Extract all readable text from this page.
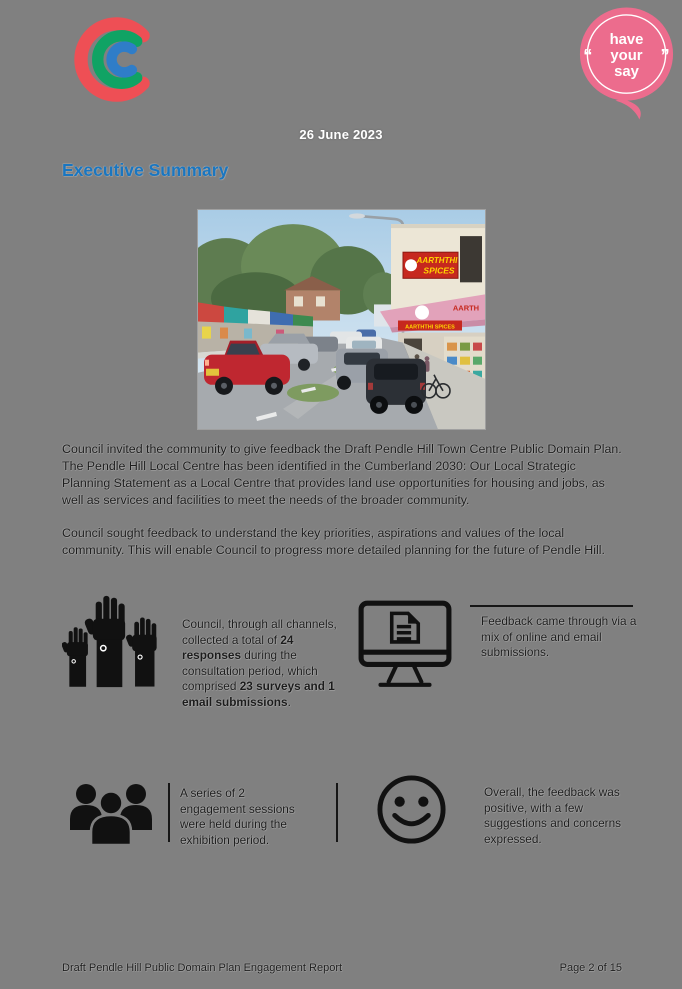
have
your
say
“	”
26 June 2023
Executive Summary
AARTHTHI
SPICES
AARTH
AARTHTHI SPICES

Council invited the community to give feedback the Draft Pendle Hill Town Centre Public Domain Plan. The Pendle Hill Local Centre has been identified in the Cumberland 2030: Our Local Strategic Planning Statement as a Local Centre that provides land use opportunities for housing and jobs, as well as services and facilities to meet the needs of the broader community.

Council sought feedback to understand the key priorities, aspirations and values of the local community. This will enable Council to progress more detailed planning for the future of Pendle Hill.

Council, through all channels, collected a total of 24 responses during the consultation period, which comprised 23 surveys and 1 email submissions.
Feedback came through via a mix of online and email submissions.
A series of 2 engagement sessions were held during the exhibition period.
Overall, the feedback was positive, with a few suggestions and concerns expressed.
Draft Pendle Hill Public Domain Plan Engagement Report	Page 2 of 15
